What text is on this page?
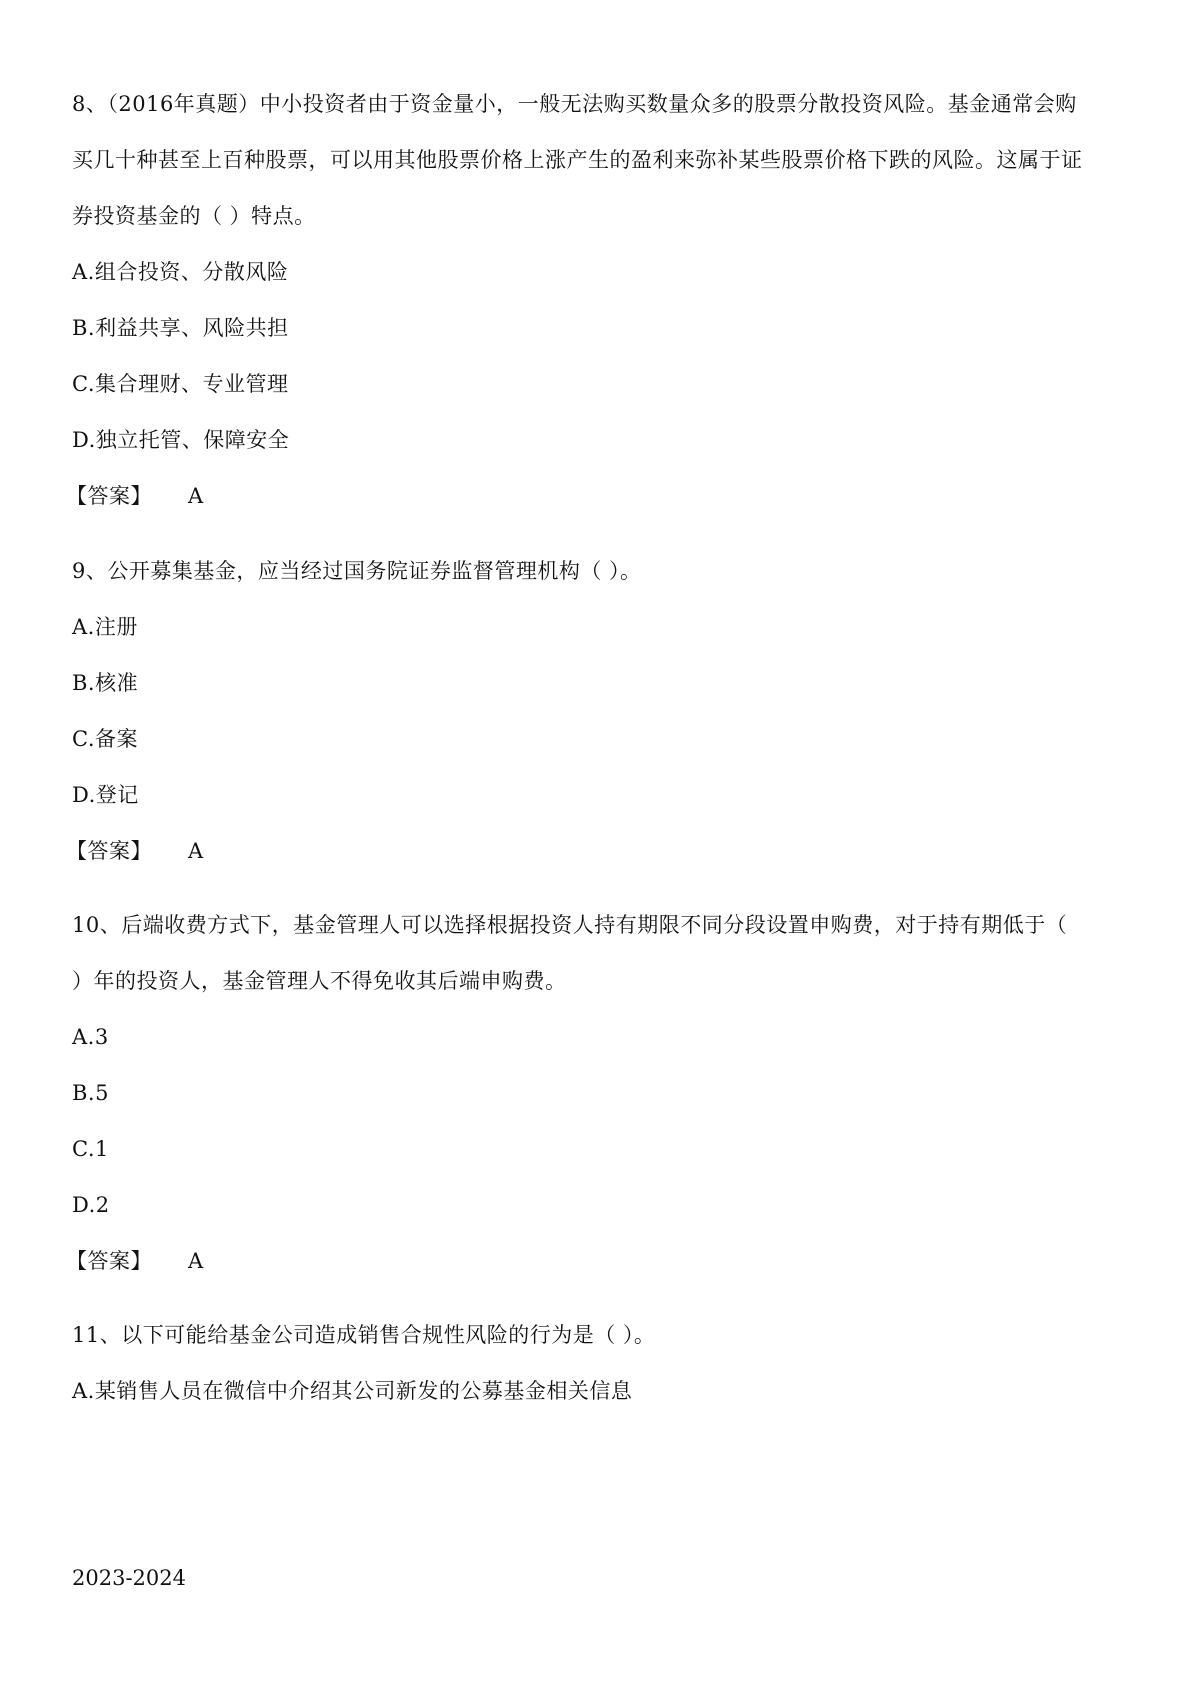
8、（2016年真题）中小投资者由于资金量小，一般无法购买数量众多的股票分散投资风险。基金通常会购
买几十种甚至上百种股票，可以用其他股票价格上涨产生的盈利来弥补某些股票价格下跌的风险。这属于证
券投资基金的（ ）特点。
A.组合投资、分散风险
B.利益共享、风险共担
C.集合理财、专业管理
D.独立托管、保障安全
【答案】 A
9、公开募集基金，应当经过国务院证券监督管理机构（ ）。
A.注册
B.核准
C.备案
D.登记
【答案】 A
10、后端收费方式下，基金管理人可以选择根据投资人持有期限不同分段设置申购费，对于持有期低于（
）年的投资人，基金管理人不得免收其后端申购费。
A.3
B.5
C.1
D.2
【答案】 A
11、以下可能给基金公司造成销售合规性风险的行为是（ ）。
A.某销售人员在微信中介绍其公司新发的公募基金相关信息
2023-2024
